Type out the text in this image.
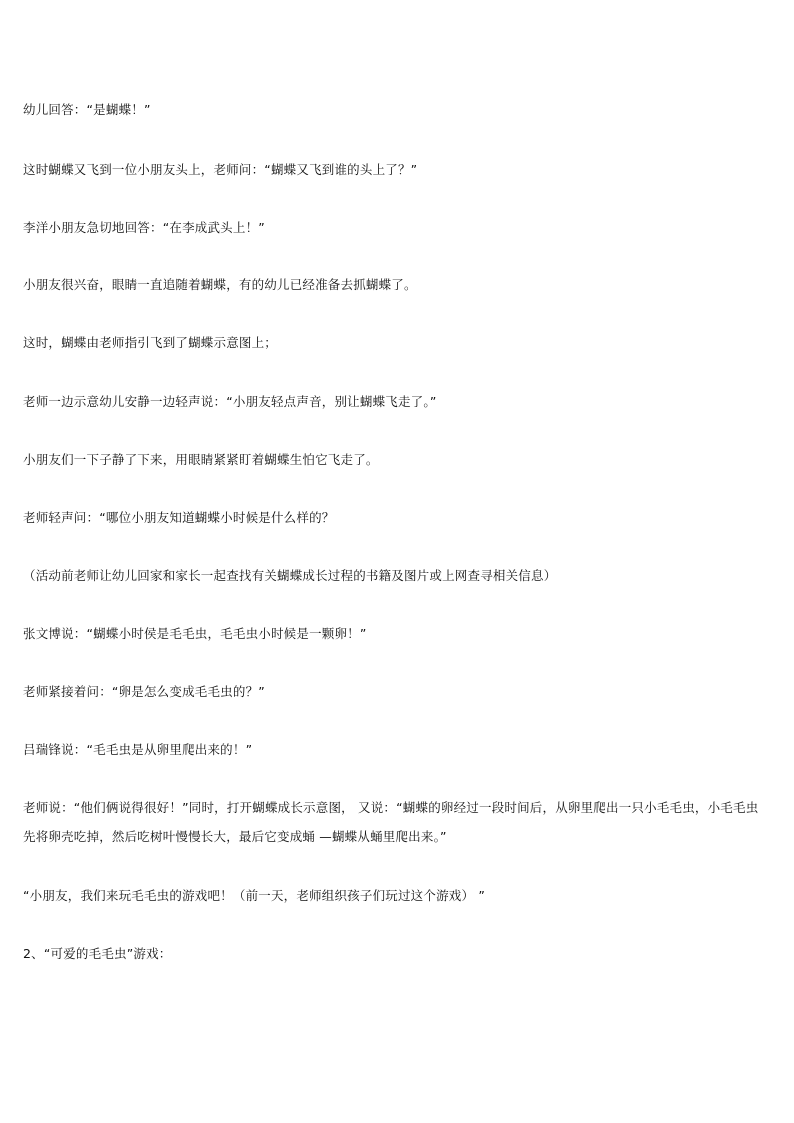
幼儿回答：“是蝴蝶！”

这时蝴蝶又飞到一位小朋友头上，老师问：“蝴蝶又飞到谁的头上了？”

李洋小朋友急切地回答：“在李成武头上！”

小朋友很兴奋，眼睛一直追随着蝴蝶，有的幼儿已经准备去抓蝴蝶了。

这时，蝴蝶由老师指引飞到了蝴蝶示意图上；

老师一边示意幼儿安静一边轻声说：“小朋友轻点声音，别让蝴蝶飞走了。”

小朋友们一下子静了下来，用眼睛紧紧盯着蝴蝶生怕它飞走了。

老师轻声问：“哪位小朋友知道蝴蝶小时候是什么样的？

（活动前老师让幼儿回家和家长一起查找有关蝴蝶成长过程的书籍及图片或上网查寻相关信息）

张文博说：“蝴蝶小时侯是毛毛虫，毛毛虫小时候是一颗卵！”

老师紧接着问：“卵是怎么变成毛毛虫的？”

吕瑞锋说：“毛毛虫是从卵里爬出来的！”

老师说：“他们俩说得很好！”同时，打开蝴蝶成长示意图， 又说：“蝴蝶的卵经过一段时间后，从卵里爬出一只小毛毛虫，小毛毛虫先将卵壳吃掉，然后吃树叶慢慢长大，最后它变成蛹 —蝴蝶从蛹里爬出来。”

“小朋友，我们来玩毛毛虫的游戏吧！（前一天，老师组织孩子们玩过这个游戏） ”

2、“可爱的毛毛虫”游戏：
